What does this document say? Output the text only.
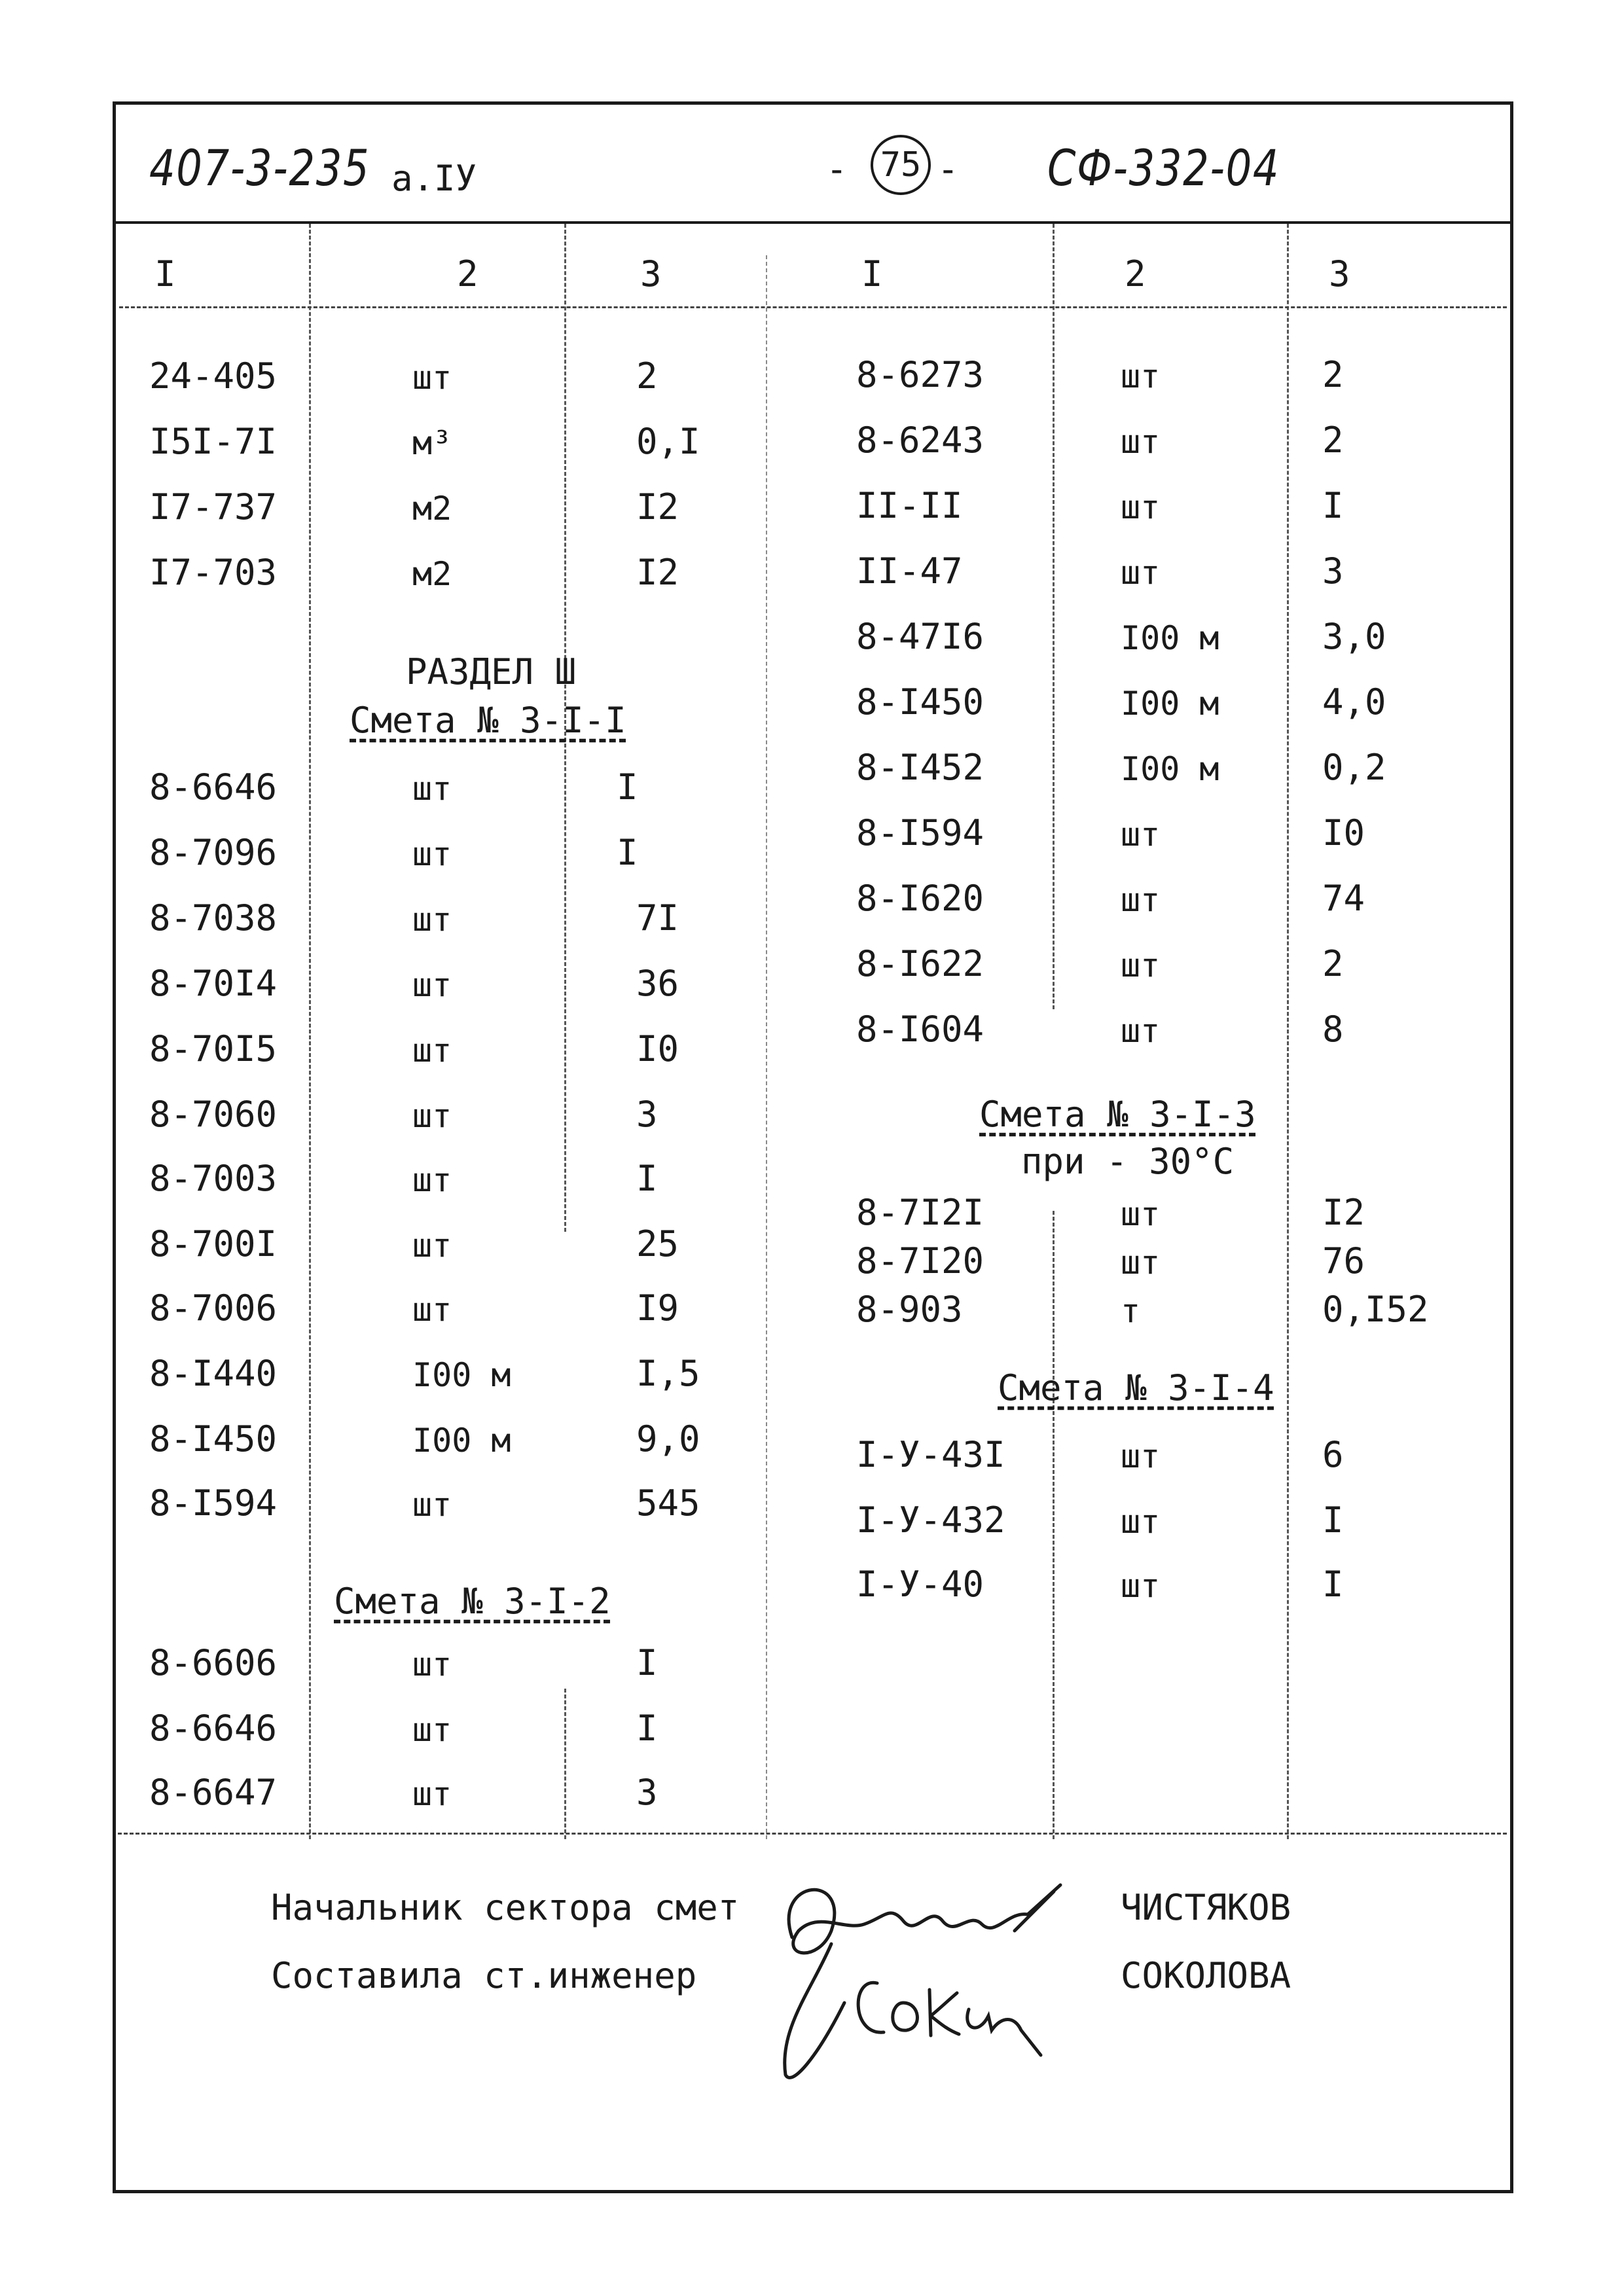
407-3-235 а.IУ	- 75 - СФ-332-04
I	2	3	I	2	3
24-405	шт	2
I5I-7I	м³	0,I
I7-737	м2	I2
I7-703	м2	I2
РАЗДЕЛ Ш
Смета № 3-I-I
8-6646	шт	I
8-7096	шт	I
8-7038	шт	7I
8-70I4	шт	36
8-70I5	шт	I0
8-7060	шт	3
8-7003	шт	I
8-700I	шт	25
8-7006	шт	I9
8-I440	I00 м	I,5
8-I450	I00 м	9,0
8-I594	шт	545
Смета № 3-I-2
8-6606	шт	I
8-6646	шт	I
8-6647	шт	3
8-6273	шт	2
8-6243	шт	2
II-II	шт	I
II-47	шт	3
8-47I6	I00 м	3,0
8-I450	I00 м	4,0
8-I452	I00 м	0,2
8-I594	шт	I0
8-I620	шт	74
8-I622	шт	2
8-I604	шт	8
Смета № 3-I-3
при - 30°С
8-7I2I	шт	I2
8-7I20	шт	76
8-903	т	0,I52
Смета № 3-I-4
I-У-43I	шт	6
I-У-432	шт	I
I-У-40	шт	I
Начальник сектора смет	ЧИСТЯКОВ
Составила ст.инженер	СОКОЛОВА
